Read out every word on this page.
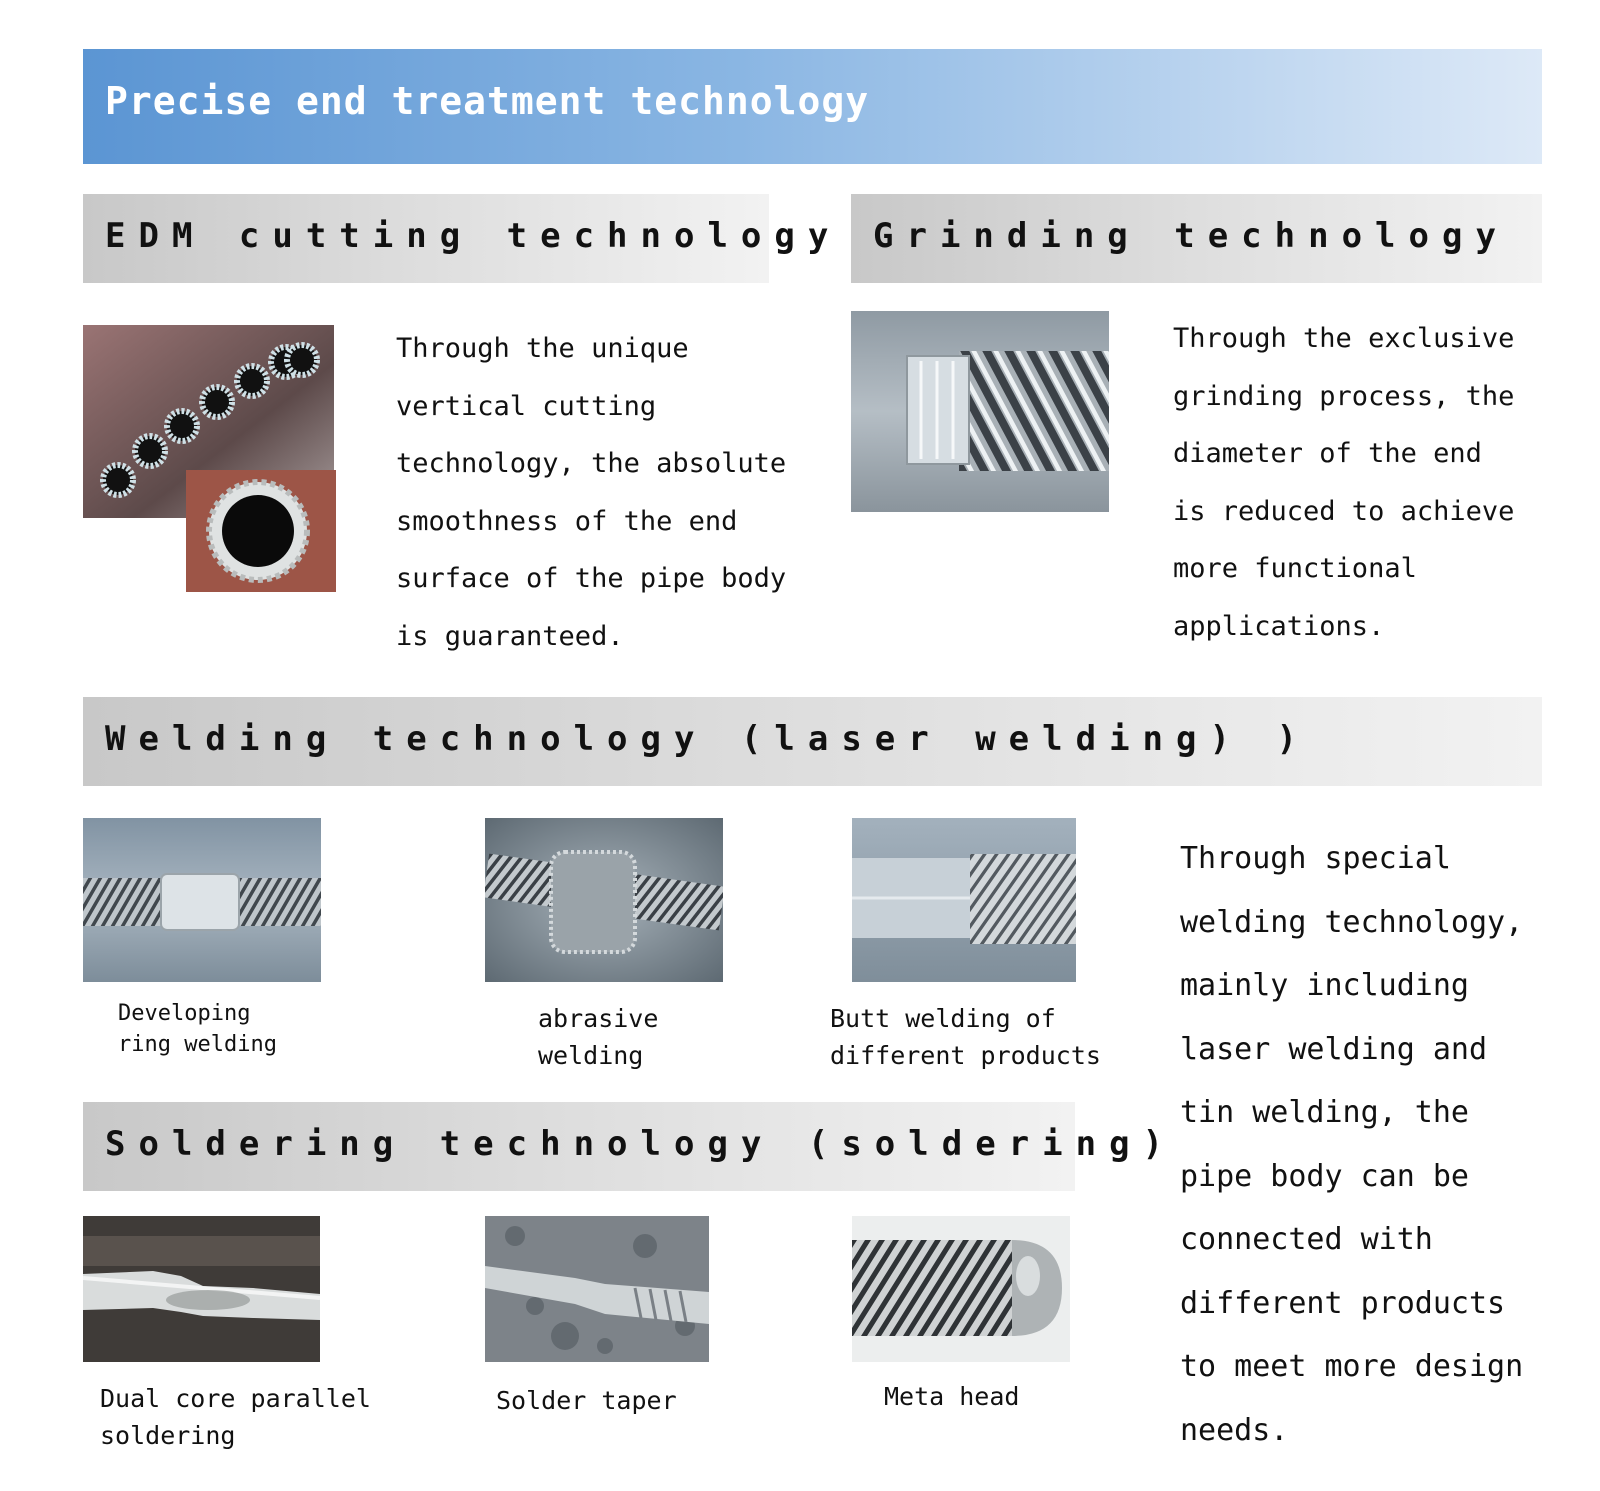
Precise end treatment technology
EDM cutting technology
Through the unique
vertical cutting
technology, the absolute
smoothness of the end
surface of the pipe body
is guaranteed.
Grinding technology
Through the exclusive
grinding process, the
diameter of the end
is reduced to achieve
more functional
applications.
Welding technology (laser welding) )
Developing
ring welding
abrasive
welding
Butt welding of
different products
Through special
welding technology,
mainly including
laser welding and
tin welding, the
pipe body can be
connected with
different products
to meet more design
needs.
Soldering technology (soldering)
Dual core parallel
soldering
Solder taper	Meta head
